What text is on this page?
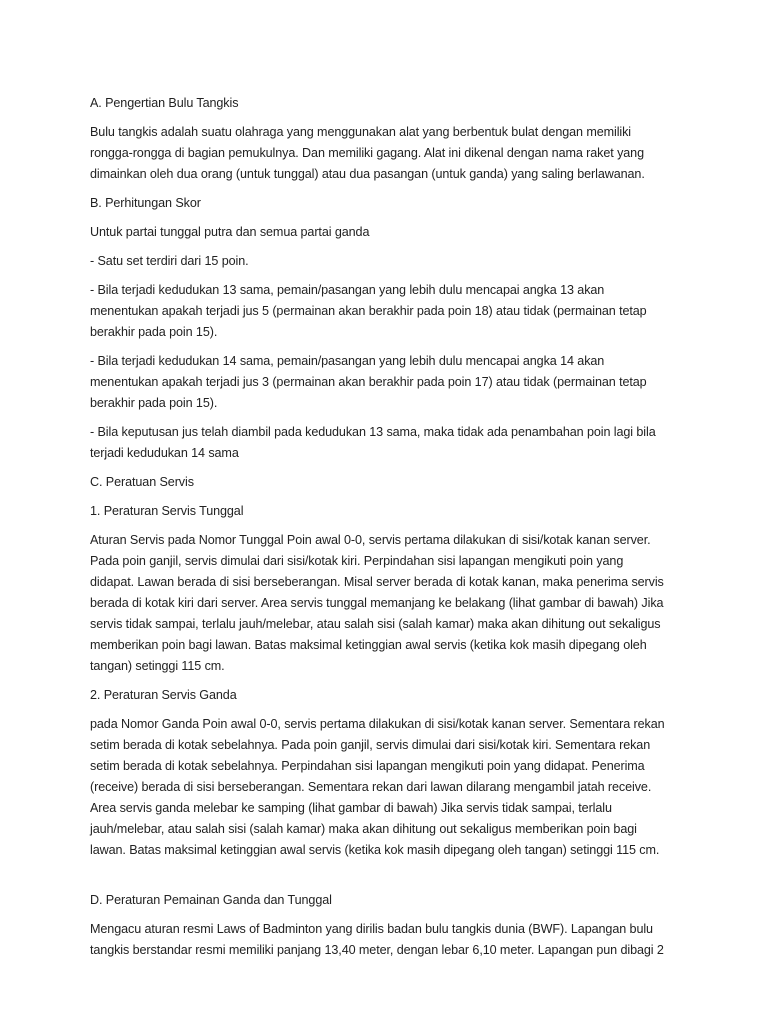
A. Pengertian Bulu Tangkis
Bulu tangkis adalah suatu olahraga yang menggunakan alat yang berbentuk bulat dengan memiliki
rongga-rongga di bagian pemukulnya. Dan memiliki gagang. Alat ini dikenal dengan nama raket yang
dimainkan oleh dua orang (untuk tunggal) atau dua pasangan (untuk ganda) yang saling berlawanan.
B. Perhitungan Skor
Untuk partai tunggal putra dan semua partai ganda
- Satu set terdiri dari 15 poin.
- Bila terjadi kedudukan 13 sama, pemain/pasangan yang lebih dulu mencapai angka 13 akan
menentukan apakah terjadi jus 5 (permainan akan berakhir pada poin 18) atau tidak (permainan tetap
berakhir pada poin 15).
- Bila terjadi kedudukan 14 sama, pemain/pasangan yang lebih dulu mencapai angka 14 akan
menentukan apakah terjadi jus 3 (permainan akan berakhir pada poin 17) atau tidak (permainan tetap
berakhir pada poin 15).
- Bila keputusan jus telah diambil pada kedudukan 13 sama, maka tidak ada penambahan poin lagi bila
terjadi kedudukan 14 sama
C. Peratuan Servis
1. Peraturan Servis Tunggal
Aturan Servis pada Nomor Tunggal Poin awal 0-0, servis pertama dilakukan di sisi/kotak kanan server.
Pada poin ganjil, servis dimulai dari sisi/kotak kiri. Perpindahan sisi lapangan mengikuti poin yang
didapat. Lawan berada di sisi berseberangan. Misal server berada di kotak kanan, maka penerima servis
berada di kotak kiri dari server. Area servis tunggal memanjang ke belakang (lihat gambar di bawah) Jika
servis tidak sampai, terlalu jauh/melebar, atau salah sisi (salah kamar) maka akan dihitung out sekaligus
memberikan poin bagi lawan. Batas maksimal ketinggian awal servis (ketika kok masih dipegang oleh
tangan) setinggi 115 cm.
2. Peraturan Servis Ganda
pada Nomor Ganda Poin awal 0-0, servis pertama dilakukan di sisi/kotak kanan server. Sementara rekan
setim berada di kotak sebelahnya. Pada poin ganjil, servis dimulai dari sisi/kotak kiri. Sementara rekan
setim berada di kotak sebelahnya. Perpindahan sisi lapangan mengikuti poin yang didapat. Penerima
(receive) berada di sisi berseberangan. Sementara rekan dari lawan dilarang mengambil jatah receive.
Area servis ganda melebar ke samping (lihat gambar di bawah) Jika servis tidak sampai, terlalu
jauh/melebar, atau salah sisi (salah kamar) maka akan dihitung out sekaligus memberikan poin bagi
lawan. Batas maksimal ketinggian awal servis (ketika kok masih dipegang oleh tangan) setinggi 115 cm.
D. Peraturan Pemainan Ganda dan Tunggal
Mengacu aturan resmi Laws of Badminton yang dirilis badan bulu tangkis dunia (BWF). Lapangan bulu
tangkis berstandar resmi memiliki panjang 13,40 meter, dengan lebar 6,10 meter. Lapangan pun dibagi 2
